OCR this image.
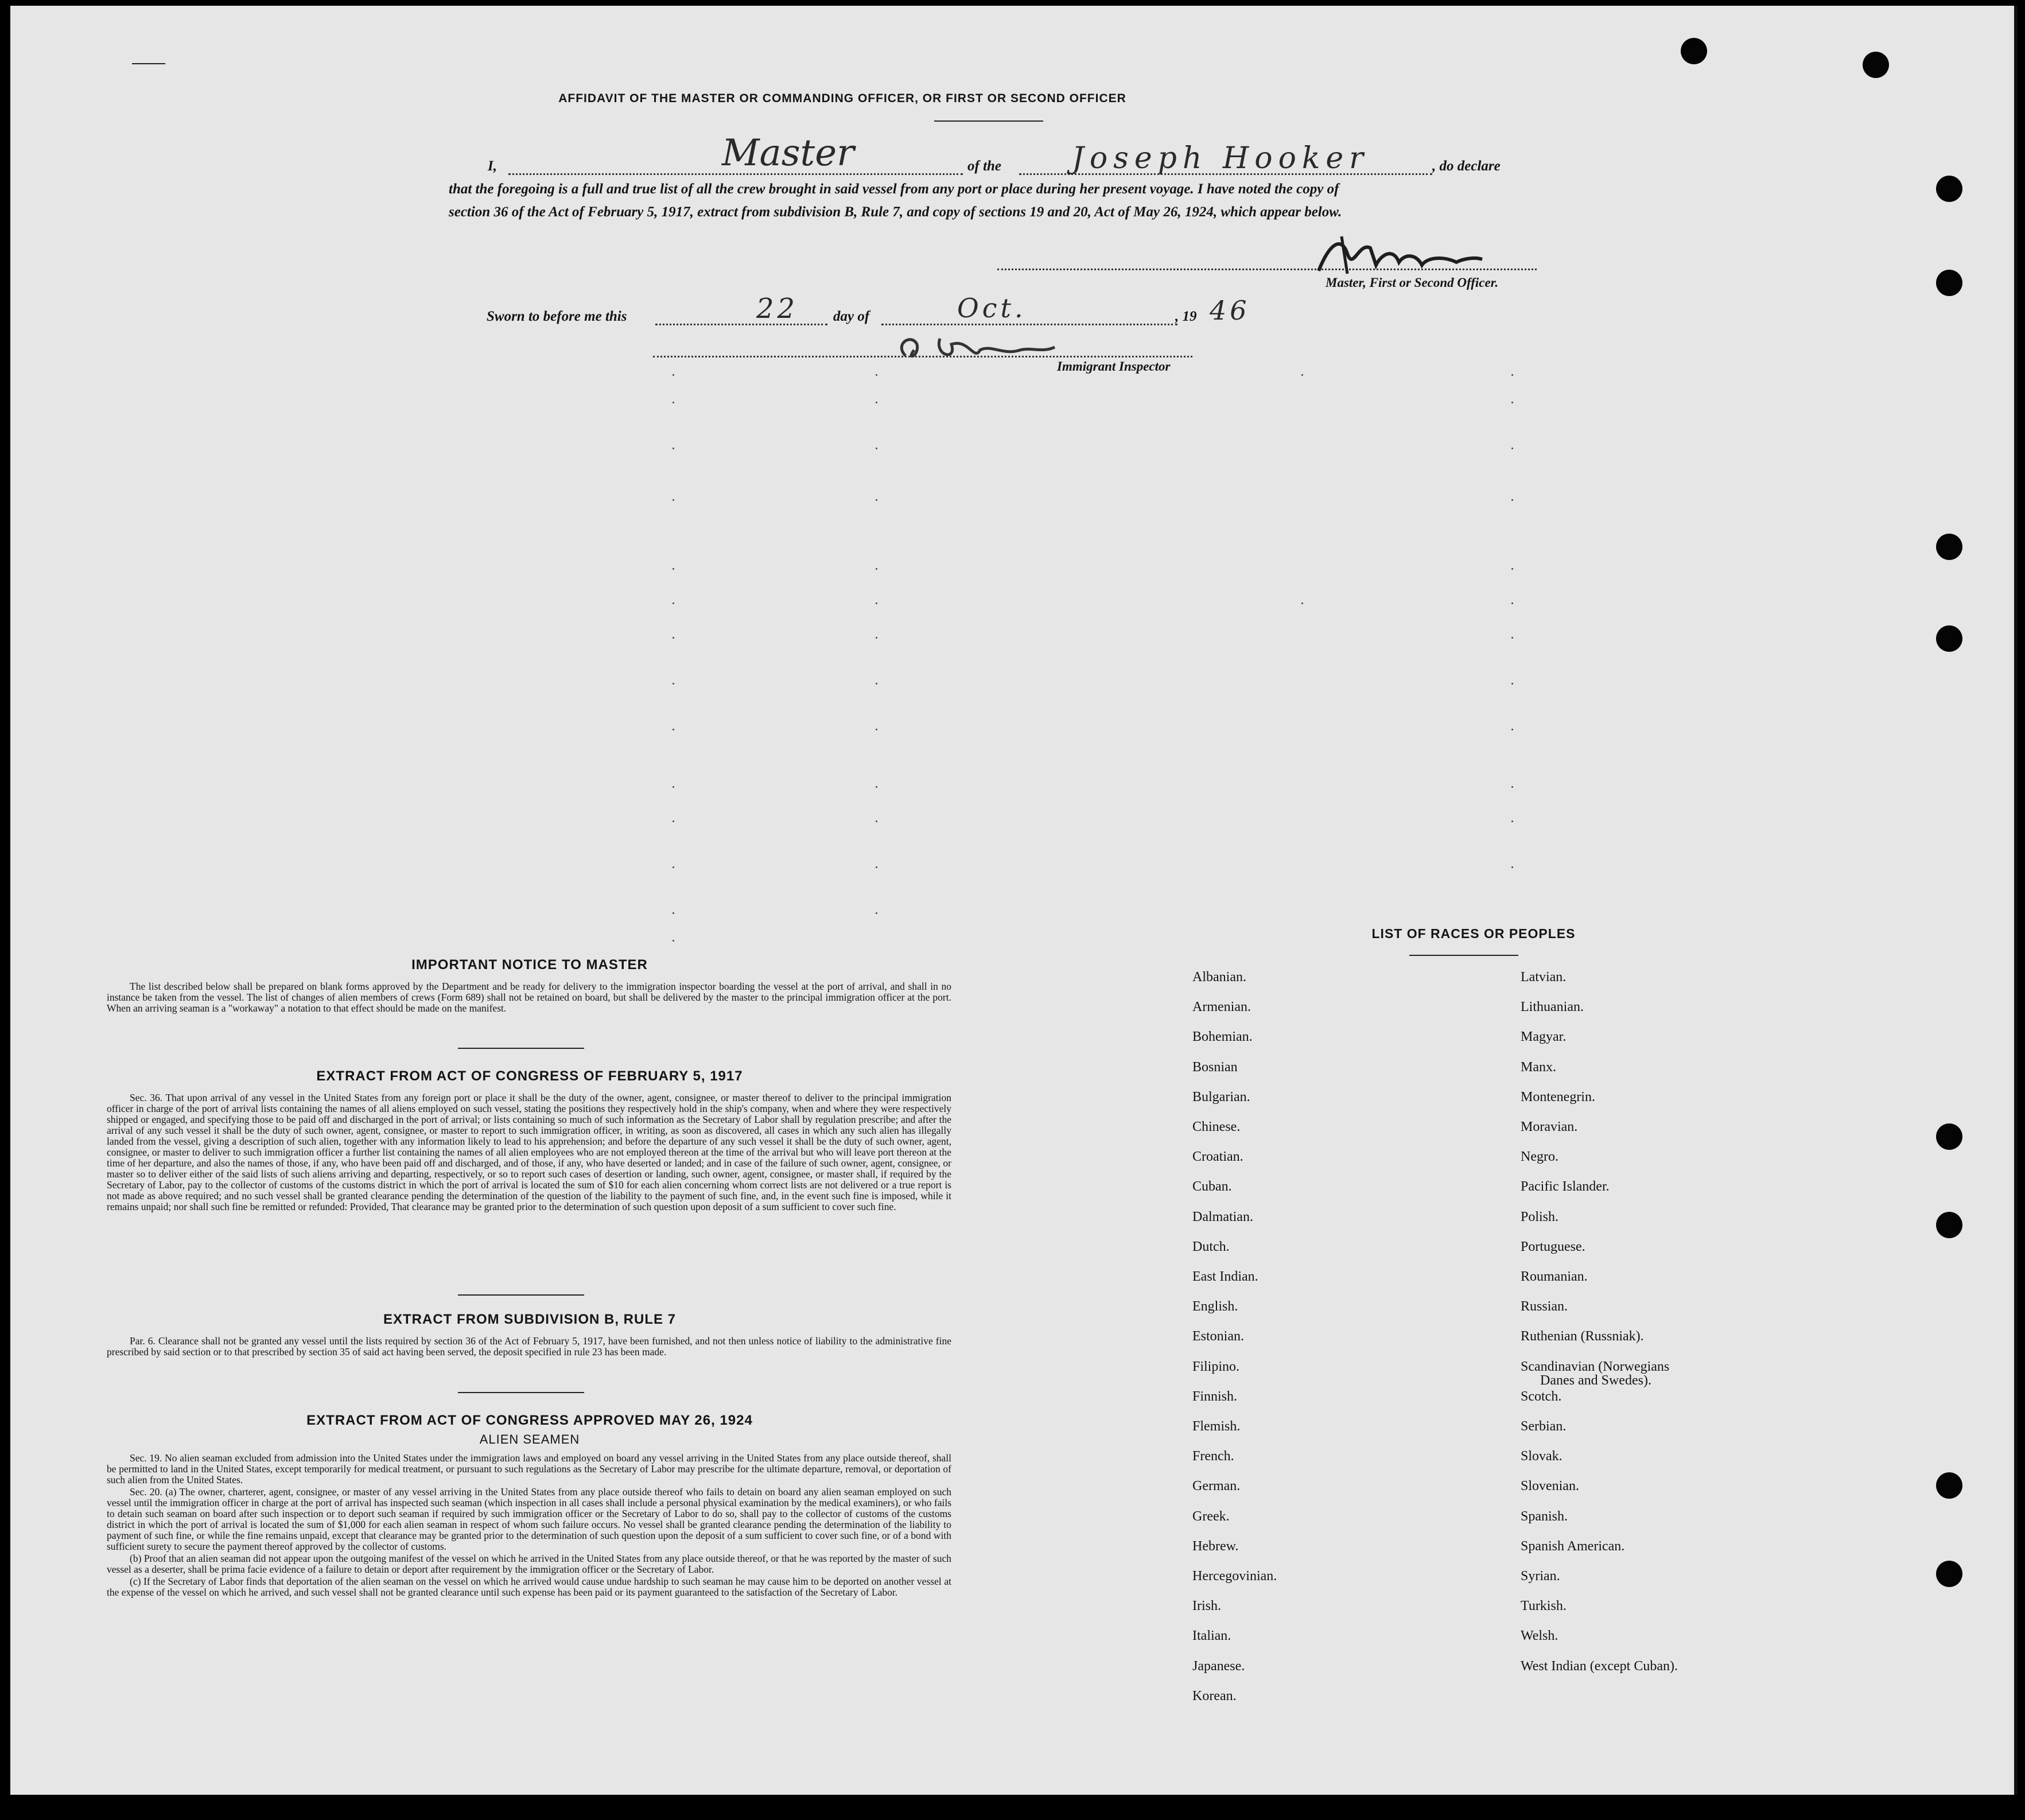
AFFIDAVIT OF THE MASTER OR COMMANDING OFFICER, OR FIRST OR SECOND OFFICER
I,	Master	of the Joseph Hooker	, do declare
that the foregoing is a full and true list of all the crew brought in said vessel from any port or place during her present voyage. I have noted the copy of
section 36 of the Act of February 5, 1917, extract from subdivision B, Rule 7, and copy of sections 19 and 20, Act of May 26, 1924, which appear below.
Master, First or Second Officer.
Sworn to before me this	22 day of	Oct.	, 19 46
Immigrant Inspector
IMPORTANT NOTICE TO MASTER

The list described below shall be prepared on blank forms approved by the Department and be ready for delivery to the immigration inspector boarding the vessel at the port of arrival, and shall in no instance be taken from the vessel. The list of changes of alien members of crews (Form 689) shall not be retained on board, but shall be delivered by the master to the principal immigration officer at the port. When an arriving seaman is a "workaway" a notation to that effect should be made on the manifest.

EXTRACT FROM ACT OF CONGRESS OF FEBRUARY 5, 1917

Sec. 36. That upon arrival of any vessel in the United States from any foreign port or place it shall be the duty of the owner, agent, consignee, or master thereof to deliver to the principal immigration officer in charge of the port of arrival lists containing the names of all aliens employed on such vessel, stating the positions they respectively hold in the ship's company, when and where they were respectively shipped or engaged, and specifying those to be paid off and discharged in the port of arrival; or lists containing so much of such information as the Secretary of Labor shall by regulation prescribe; and after the arrival of any such vessel it shall be the duty of such owner, agent, consignee, or master to report to such immigration officer, in writing, as soon as discovered, all cases in which any such alien has illegally landed from the vessel, giving a description of such alien, together with any information likely to lead to his apprehension; and before the departure of any such vessel it shall be the duty of such owner, agent, consignee, or master to deliver to such immigration officer a further list containing the names of all alien employees who are not employed thereon at the time of the arrival but who will leave port thereon at the time of her departure, and also the names of those, if any, who have been paid off and discharged, and of those, if any, who have deserted or landed; and in case of the failure of such owner, agent, consignee, or master so to deliver either of the said lists of such aliens arriving and departing, respectively, or so to report such cases of desertion or landing, such owner, agent, consignee, or master shall, if required by the Secretary of Labor, pay to the collector of customs of the customs district in which the port of arrival is located the sum of $10 for each alien concerning whom correct lists are not delivered or a true report is not made as above required; and no such vessel shall be granted clearance pending the determination of the question of the liability to the payment of such fine, and, in the event such fine is imposed, while it remains unpaid; nor shall such fine be remitted or refunded: Provided, That clearance may be granted prior to the determination of such question upon deposit of a sum sufficient to cover such fine.

EXTRACT FROM SUBDIVISION B, RULE 7

Par. 6. Clearance shall not be granted any vessel until the lists required by section 36 of the Act of February 5, 1917, have been furnished, and not then unless notice of liability to the administrative fine prescribed by said section or to that prescribed by section 35 of said act having been served, the deposit specified in rule 23 has been made.

EXTRACT FROM ACT OF CONGRESS APPROVED MAY 26, 1924
ALIEN SEAMEN

Sec. 19. No alien seaman excluded from admission into the United States under the immigration laws and employed on board any vessel arriving in the United States from any place outside thereof, shall be permitted to land in the United States, except temporarily for medical treatment, or pursuant to such regulations as the Secretary of Labor may prescribe for the ultimate departure, removal, or deportation of such alien from the United States.

Sec. 20. (a) The owner, charterer, agent, consignee, or master of any vessel arriving in the United States from any place outside thereof who fails to detain on board any alien seaman employed on such vessel until the immigration officer in charge at the port of arrival has inspected such seaman (which inspection in all cases shall include a personal physical examination by the medical examiners), or who fails to detain such seaman on board after such inspection or to deport such seaman if required by such immigration officer or the Secretary of Labor to do so, shall pay to the collector of customs of the customs district in which the port of arrival is located the sum of $1,000 for each alien seaman in respect of whom such failure occurs. No vessel shall be granted clearance pending the determination of the liability to payment of such fine, or while the fine remains unpaid, except that clearance may be granted prior to the determination of such question upon the deposit of a sum sufficient to cover such fine, or of a bond with sufficient surety to secure the payment thereof approved by the collector of customs.

(b) Proof that an alien seaman did not appear upon the outgoing manifest of the vessel on which he arrived in the United States from any place outside thereof, or that he was reported by the master of such vessel as a deserter, shall be prima facie evidence of a failure to detain or deport after requirement by the immigration officer or the Secretary of Labor.

(c) If the Secretary of Labor finds that deportation of the alien seaman on the vessel on which he arrived would cause undue hardship to such seaman he may cause him to be deported on another vessel at the expense of the vessel on which he arrived, and such vessel shall not be granted clearance until such expense has been paid or its payment guaranteed to the satisfaction of the Secretary of Labor.

LIST OF RACES OR PEOPLES
Albanian.
Armenian.
Bohemian.
Bosnian
Bulgarian.
Chinese.
Croatian.
Cuban.
Dalmatian.
Dutch.
East Indian.
English.
Estonian.
Filipino.
Finnish.
Flemish.
French.
German.
Greek.
Hebrew.
Hercegovinian.
Irish.
Italian.
Japanese.
Korean.
Latvian.
Lithuanian.
Magyar.
Manx.
Montenegrin.
Moravian.
Negro.
Pacific Islander.
Polish.
Portuguese.
Roumanian.
Russian.
Ruthenian (Russniak).
Scandinavian (Norwegians
Danes and Swedes).
Scotch.
Serbian.
Slovak.
Slovenian.
Spanish.
Spanish American.
Syrian.
Turkish.
Welsh.
West Indian (except Cuban).
